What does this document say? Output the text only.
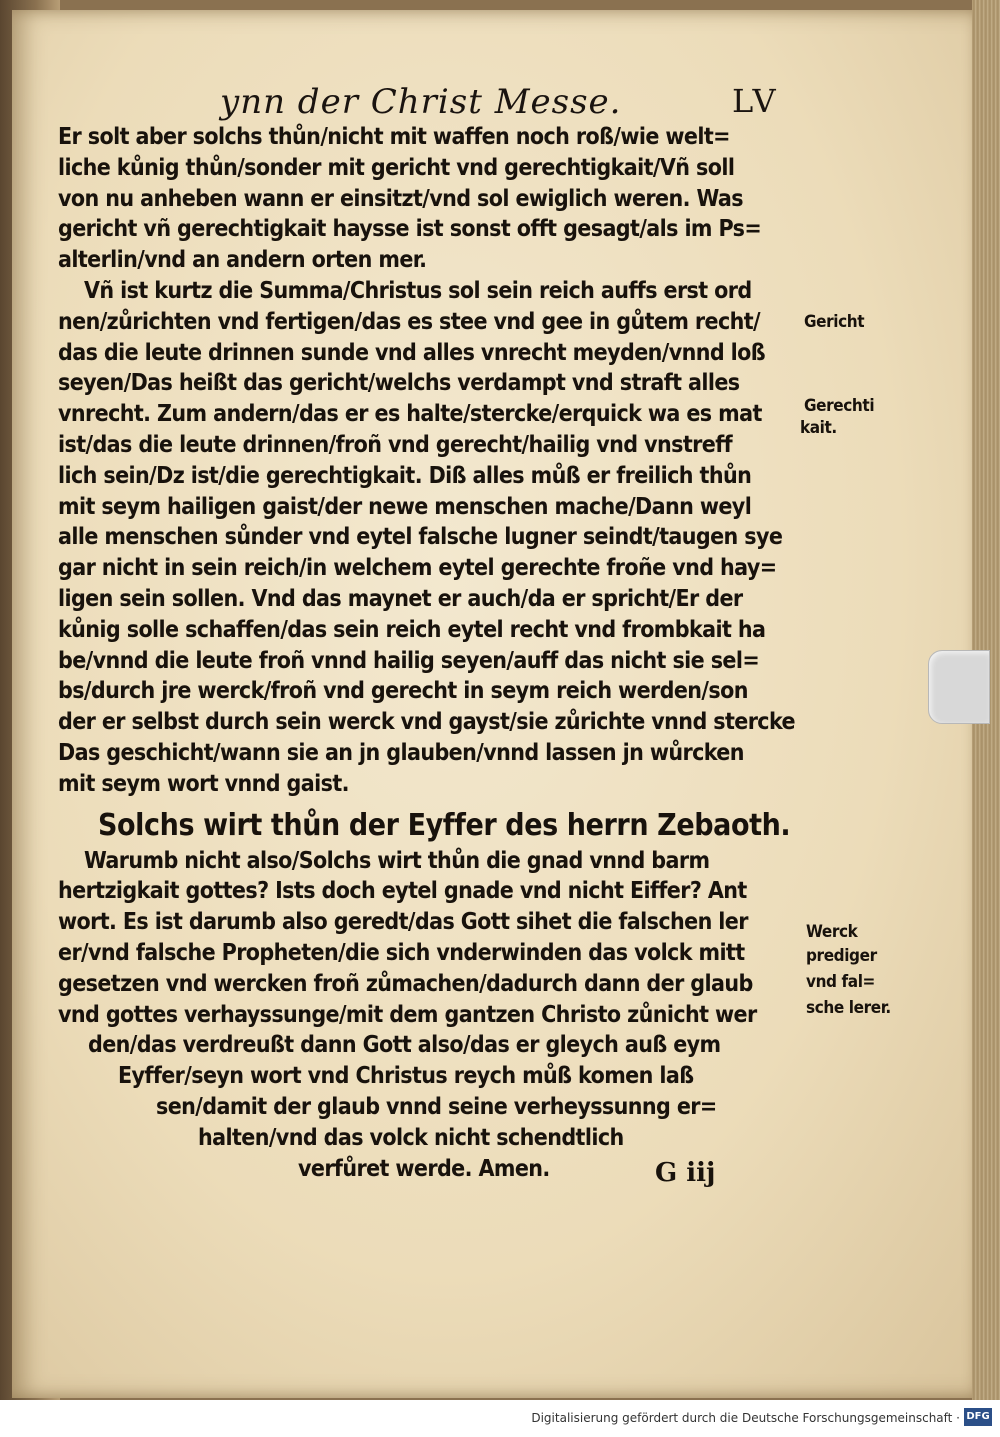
ynn der Christ Messe.	LV
Er solt aber solchs thůn/nicht mit waffen noch roß/wie welt=
liche kůnig thůn/sonder mit gericht vnd gerechtigkait/Vñ soll
von nu anheben wann er einsitzt/vnd sol ewiglich weren. Was
gericht vñ gerechtigkait haysse ist sonst offt gesagt/als im Ps=
alterlin/vnd an andern orten mer.
Vñ ist kurtz die Summa/Christus sol sein reich auffs erst ord
nen/zůrichten vnd fertigen/das es stee vnd gee in gůtem recht/
das die leute drinnen sunde vnd alles vnrecht meyden/vnnd loß
seyen/Das heißt das gericht/welchs verdampt vnd straft alles
vnrecht. Zum andern/das er es halte/stercke/erquick wa es mat
ist/das die leute drinnen/froñ vnd gerecht/hailig vnd vnstreff
lich sein/Dz ist/die gerechtigkait. Diß alles můß er freilich thůn
mit seym hailigen gaist/der newe menschen mache/Dann weyl
alle menschen sůnder vnd eytel falsche lugner seindt/taugen sye
gar nicht in sein reich/in welchem eytel gerechte froñe vnd hay=
ligen sein sollen. Vnd das maynet er auch/da er spricht/Er der
kůnig solle schaffen/das sein reich eytel recht vnd frombkait ha
be/vnnd die leute froñ vnnd hailig seyen/auff das nicht sie sel=
bs/durch jre werck/froñ vnd gerecht in seym reich werden/son
der er selbst durch sein werck vnd gayst/sie zůrichte vnnd stercke
Das geschicht/wann sie an jn glauben/vnnd lassen jn wůrcken
mit seym wort vnnd gaist.
Solchs wirt thůn der Eyffer des herrn Zebaoth.
Warumb nicht also/Solchs wirt thůn die gnad vnnd barm
hertzigkait gottes? Ists doch eytel gnade vnd nicht Eiffer? Ant
wort. Es ist darumb also geredt/das Gott sihet die falschen ler
er/vnd falsche Propheten/die sich vnderwinden das volck mitt
gesetzen vnd wercken froñ zůmachen/dadurch dann der glaub
vnd gottes verhayssunge/mit dem gantzen Christo zůnicht wer
den/das verdreußt dann Gott also/das er gleych auß eym
Eyffer/seyn wort vnd Christus reych můß komen laß
sen/damit der glaub vnnd seine verheyssunng er=
halten/vnd das volck nicht schendtlich
verfůret werde. Amen.
Gericht
Gerechti
kait.
Werck
prediger
vnd fal=
sche lerer.
G iij
Digitalisierung gefördert durch die Deutsche Forschungsgemeinschaft · DFG
